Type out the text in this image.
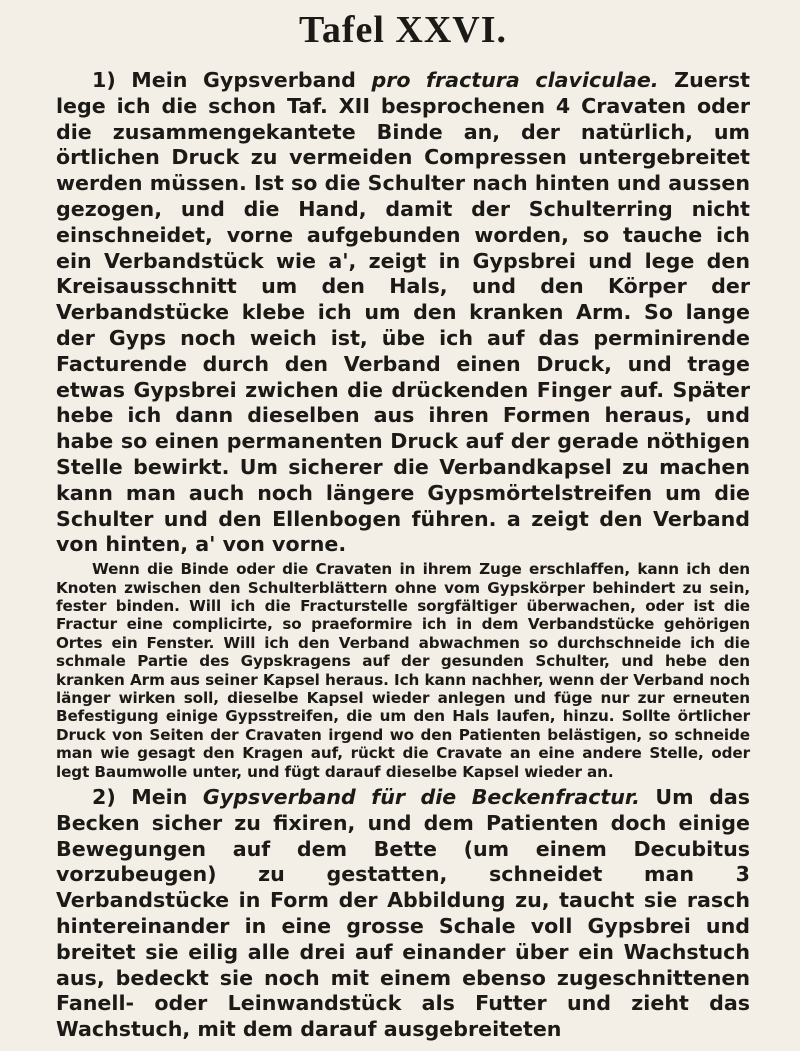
Tafel XXVI.

1) Mein Gypsverband pro fractura claviculae. Zuerst lege ich die schon Taf. XII besprochenen 4 Cravaten oder die zusammengekantete Binde an, der natürlich, um örtlichen Druck zu vermeiden Compressen untergebreitet werden müssen. Ist so die Schulter nach hinten und aussen gezogen, und die Hand, damit der Schulterring nicht einschneidet, vorne aufgebunden worden, so tauche ich ein Verbandstück wie a', zeigt in Gypsbrei und lege den Kreisausschnitt um den Hals, und den Körper der Verbandstücke klebe ich um den kranken Arm. So lange der Gyps noch weich ist, übe ich auf das perminirende Facturende durch den Verband einen Druck, und trage etwas Gypsbrei zwichen die drückenden Finger auf. Später hebe ich dann dieselben aus ihren Formen heraus, und habe so einen permanenten Druck auf der gerade nöthigen Stelle bewirkt. Um sicherer die Verbandkapsel zu machen kann man auch noch längere Gypsmörtelstreifen um die Schulter und den Ellenbogen führen. a zeigt den Verband von hinten, a' von vorne.

Wenn die Binde oder die Cravaten in ihrem Zuge erschlaffen, kann ich den Knoten zwischen den Schulterblättern ohne vom Gypskörper behindert zu sein, fester binden. Will ich die Fracturstelle sorgfältiger überwachen, oder ist die Fractur eine complicirte, so praeformire ich in dem Verbandstücke gehörigen Ortes ein Fenster. Will ich den Verband abwachmen so durchschneide ich die schmale Partie des Gypskragens auf der gesunden Schulter, und hebe den kranken Arm aus seiner Kapsel heraus. Ich kann nachher, wenn der Verband noch länger wirken soll, dieselbe Kapsel wieder anlegen und füge nur zur erneuten Befestigung einige Gypsstreifen, die um den Hals laufen, hinzu. Sollte örtlicher Druck von Seiten der Cravaten irgend wo den Patienten belästigen, so schneide man wie gesagt den Kragen auf, rückt die Cravate an eine andere Stelle, oder legt Baumwolle unter, und fügt darauf dieselbe Kapsel wieder an.

2) Mein Gypsverband für die Beckenfractur. Um das Becken sicher zu fixiren, und dem Patienten doch einige Bewegungen auf dem Bette (um einem Decubitus vorzubeugen) zu gestatten, schneidet man 3 Verbandstücke in Form der Abbildung zu, taucht sie rasch hintereinander in eine grosse Schale voll Gypsbrei und breitet sie eilig alle drei auf einander über ein Wachstuch aus, bedeckt sie noch mit einem ebenso zugeschnittenen Fanell- oder Leinwandstück als Futter und zieht das Wachstuch, mit dem darauf ausgebreiteten
